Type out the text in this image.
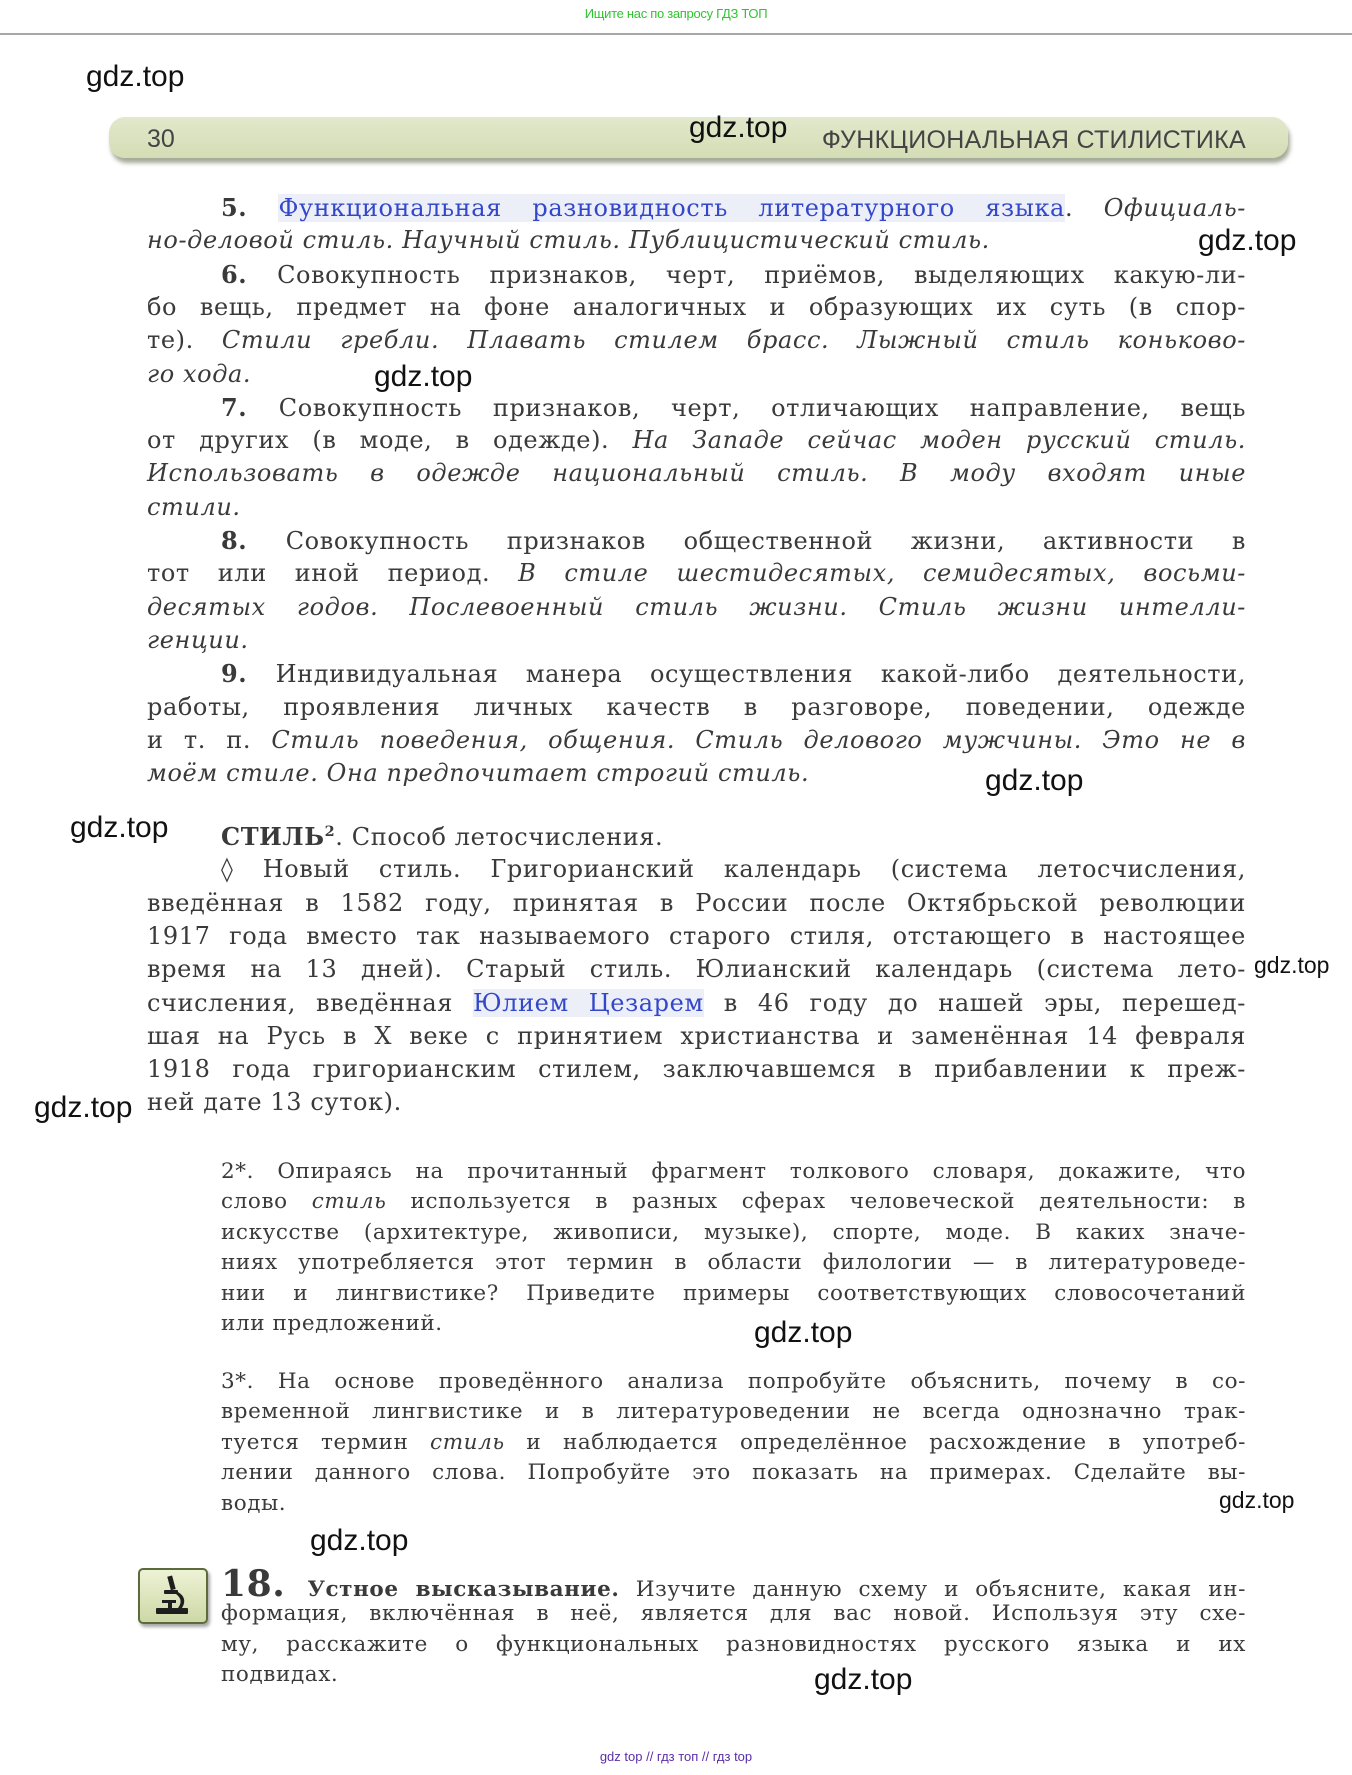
Ищите нас по запросу ГДЗ ТОП
30	ФУНКЦИОНАЛЬНАЯ СТИЛИСТИКА
5. Функциональная разновидность литературного языка. Официаль-
но-деловой стиль. Научный стиль. Публицистический стиль.
6. Совокупность признаков, черт, приёмов, выделяющих какую-ли-
бо вещь, предмет на фоне аналогичных и образующих их суть (в спор-
те). Стили гребли. Плавать стилем брасс. Лыжный стиль коньково-
го хода.
7. Совокупность признаков, черт, отличающих направление, вещь
от других (в моде, в одежде). На Западе сейчас моден русский стиль.
Использовать в одежде национальный стиль. В моду входят иные
стили.
8. Совокупность признаков общественной жизни, активности в
тот или иной период. В стиле шестидесятых, семидесятых, восьми-
десятых годов. Послевоенный стиль жизни. Стиль жизни интелли-
генции.
9. Индивидуальная манера осуществления какой-либо деятельности,
работы, проявления личных качеств в разговоре, поведении, одежде
и т. п. Стиль поведения, общения. Стиль делового мужчины. Это не в
моём стиле. Она предпочитает строгий стиль.
СТИЛЬ$^2$. Способ летосчисления.
◊ Новый стиль. Григорианский календарь (система летосчисления,
введённая в 1582 году, принятая в России после Октябрьской революции
1917 года вместо так называемого старого стиля, отстающего в настоящее
время на 13 дней). Старый стиль. Юлианский календарь (система лето-
счисления, введённая Юлием Цезарем в 46 году до нашей эры, перешед-
шая на Русь в X веке с принятием христианства и заменённая 14 февраля
1918 года григорианским стилем, заключавшемся в прибавлении к преж-
ней дате 13 суток).
2*. Опираясь на прочитанный фрагмент толкового словаря, докажите, что
слово стиль используется в разных сферах человеческой деятельности: в
искусстве (архитектуре, живописи, музыке), спорте, моде. В каких значе-
ниях употребляется этот термин в области филологии — в литературоведе-
нии и лингвистике? Приведите примеры соответствующих словосочетаний
или предложений.
3*. На основе проведённого анализа попробуйте объяснить, почему в со-
временной лингвистике и в литературоведении не всегда однозначно трак-
туется термин стиль и наблюдается определённое расхождение в употреб-
лении данного слова. Попробуйте это показать на примерах. Сделайте вы-
воды.
18. Устное высказывание. Изучите данную схему и объясните, какая ин-
формация, включённая в неё, является для вас новой. Используя эту схе-
му, расскажите о функциональных разновидностях русского языка и их
подвидах.
gdz.top
gdz.top
gdz.top
gdz.top
gdz.top
gdz.top
gdz.top
gdz.top
gdz.top
gdz.top
gdz.top
gdz.top
gdz top // гдз топ // гдз top
